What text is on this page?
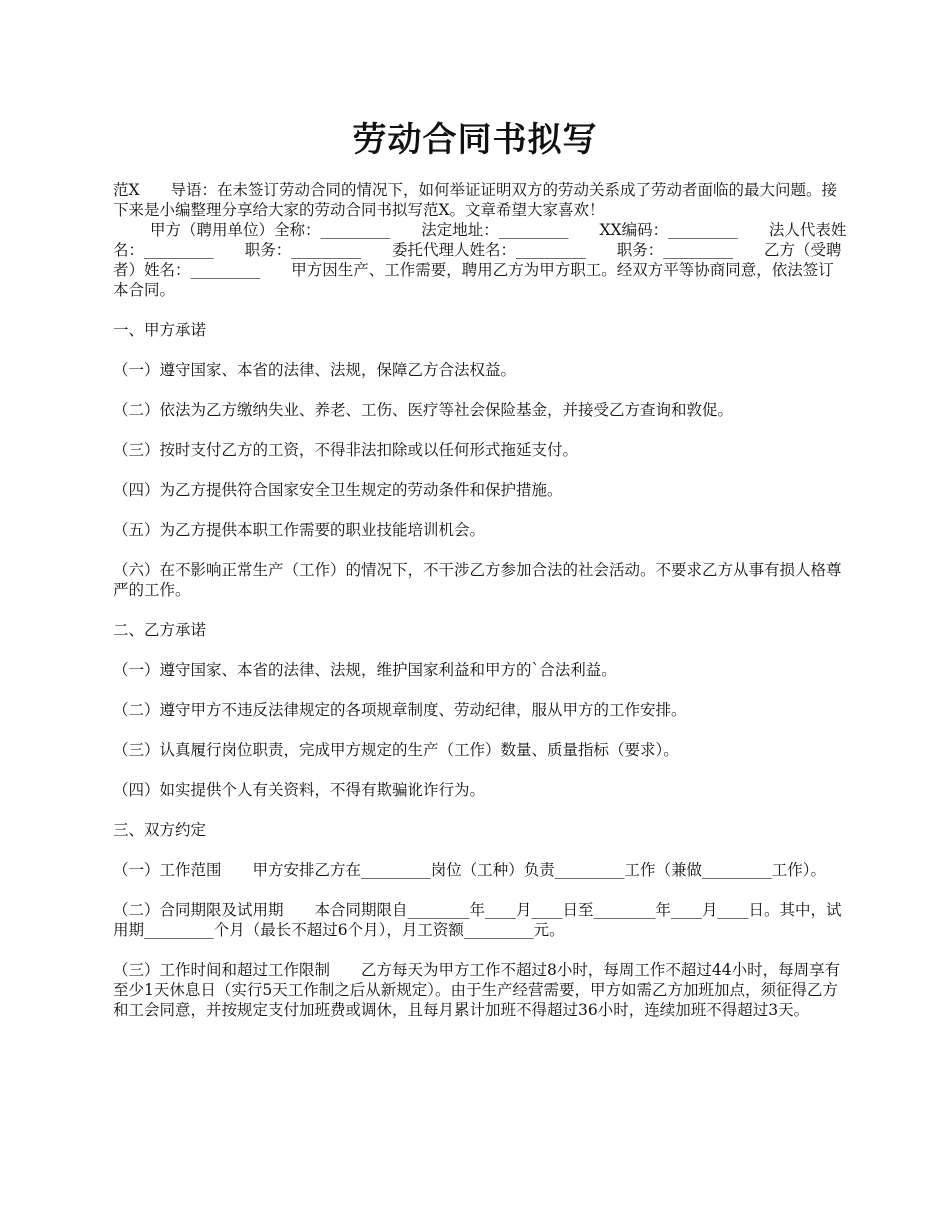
劳动合同书拟写

范X　　导语：在未签订劳动合同的情况下，如何举证证明双方的劳动关系成了劳动者面临的最大问题。接下来是小编整理分享给大家的劳动合同书拟写范X。文章希望大家喜欢！

甲方（聘用单位）全称：_________　　法定地址：_________　　XX编码：_________　　法人代表姓名：_________　　职务：_________　　委托代理人姓名：_________　　职务：_________　　乙方（受聘者）姓名：_________　　甲方因生产、工作需要，聘用乙方为甲方职工。经双方平等协商同意，依法签订本合同。

一、甲方承诺

（一）遵守国家、本省的法律、法规，保障乙方合法权益。

（二）依法为乙方缴纳失业、养老、工伤、医疗等社会保险基金，并接受乙方查询和敦促。

（三）按时支付乙方的工资，不得非法扣除或以任何形式拖延支付。

（四）为乙方提供符合国家安全卫生规定的劳动条件和保护措施。

（五）为乙方提供本职工作需要的职业技能培训机会。

（六）在不影响正常生产（工作）的情况下，不干涉乙方参加合法的社会活动。不要求乙方从事有损人格尊严的工作。

二、乙方承诺

（一）遵守国家、本省的法律、法规，维护国家利益和甲方的`合法利益。

（二）遵守甲方不违反法律规定的各项规章制度、劳动纪律，服从甲方的工作安排。

（三）认真履行岗位职责，完成甲方规定的生产（工作）数量、质量指标（要求）。

（四）如实提供个人有关资料，不得有欺骗讹诈行为。

三、双方约定

（一）工作范围　　甲方安排乙方在_________岗位（工种）负责_________工作（兼做_________工作）。

（二）合同期限及试用期　　本合同期限自________年____月____日至________年____月____日。其中，试用期_________个月（最长不超过6个月），月工资额_________元。

（三）工作时间和超过工作限制　　乙方每天为甲方工作不超过8小时，每周工作不超过44小时，每周享有至少1天休息日（实行5天工作制之后从新规定）。由于生产经营需要，甲方如需乙方加班加点，须征得乙方和工会同意，并按规定支付加班费或调休，且每月累计加班不得超过36小时，连续加班不得超过3天。
